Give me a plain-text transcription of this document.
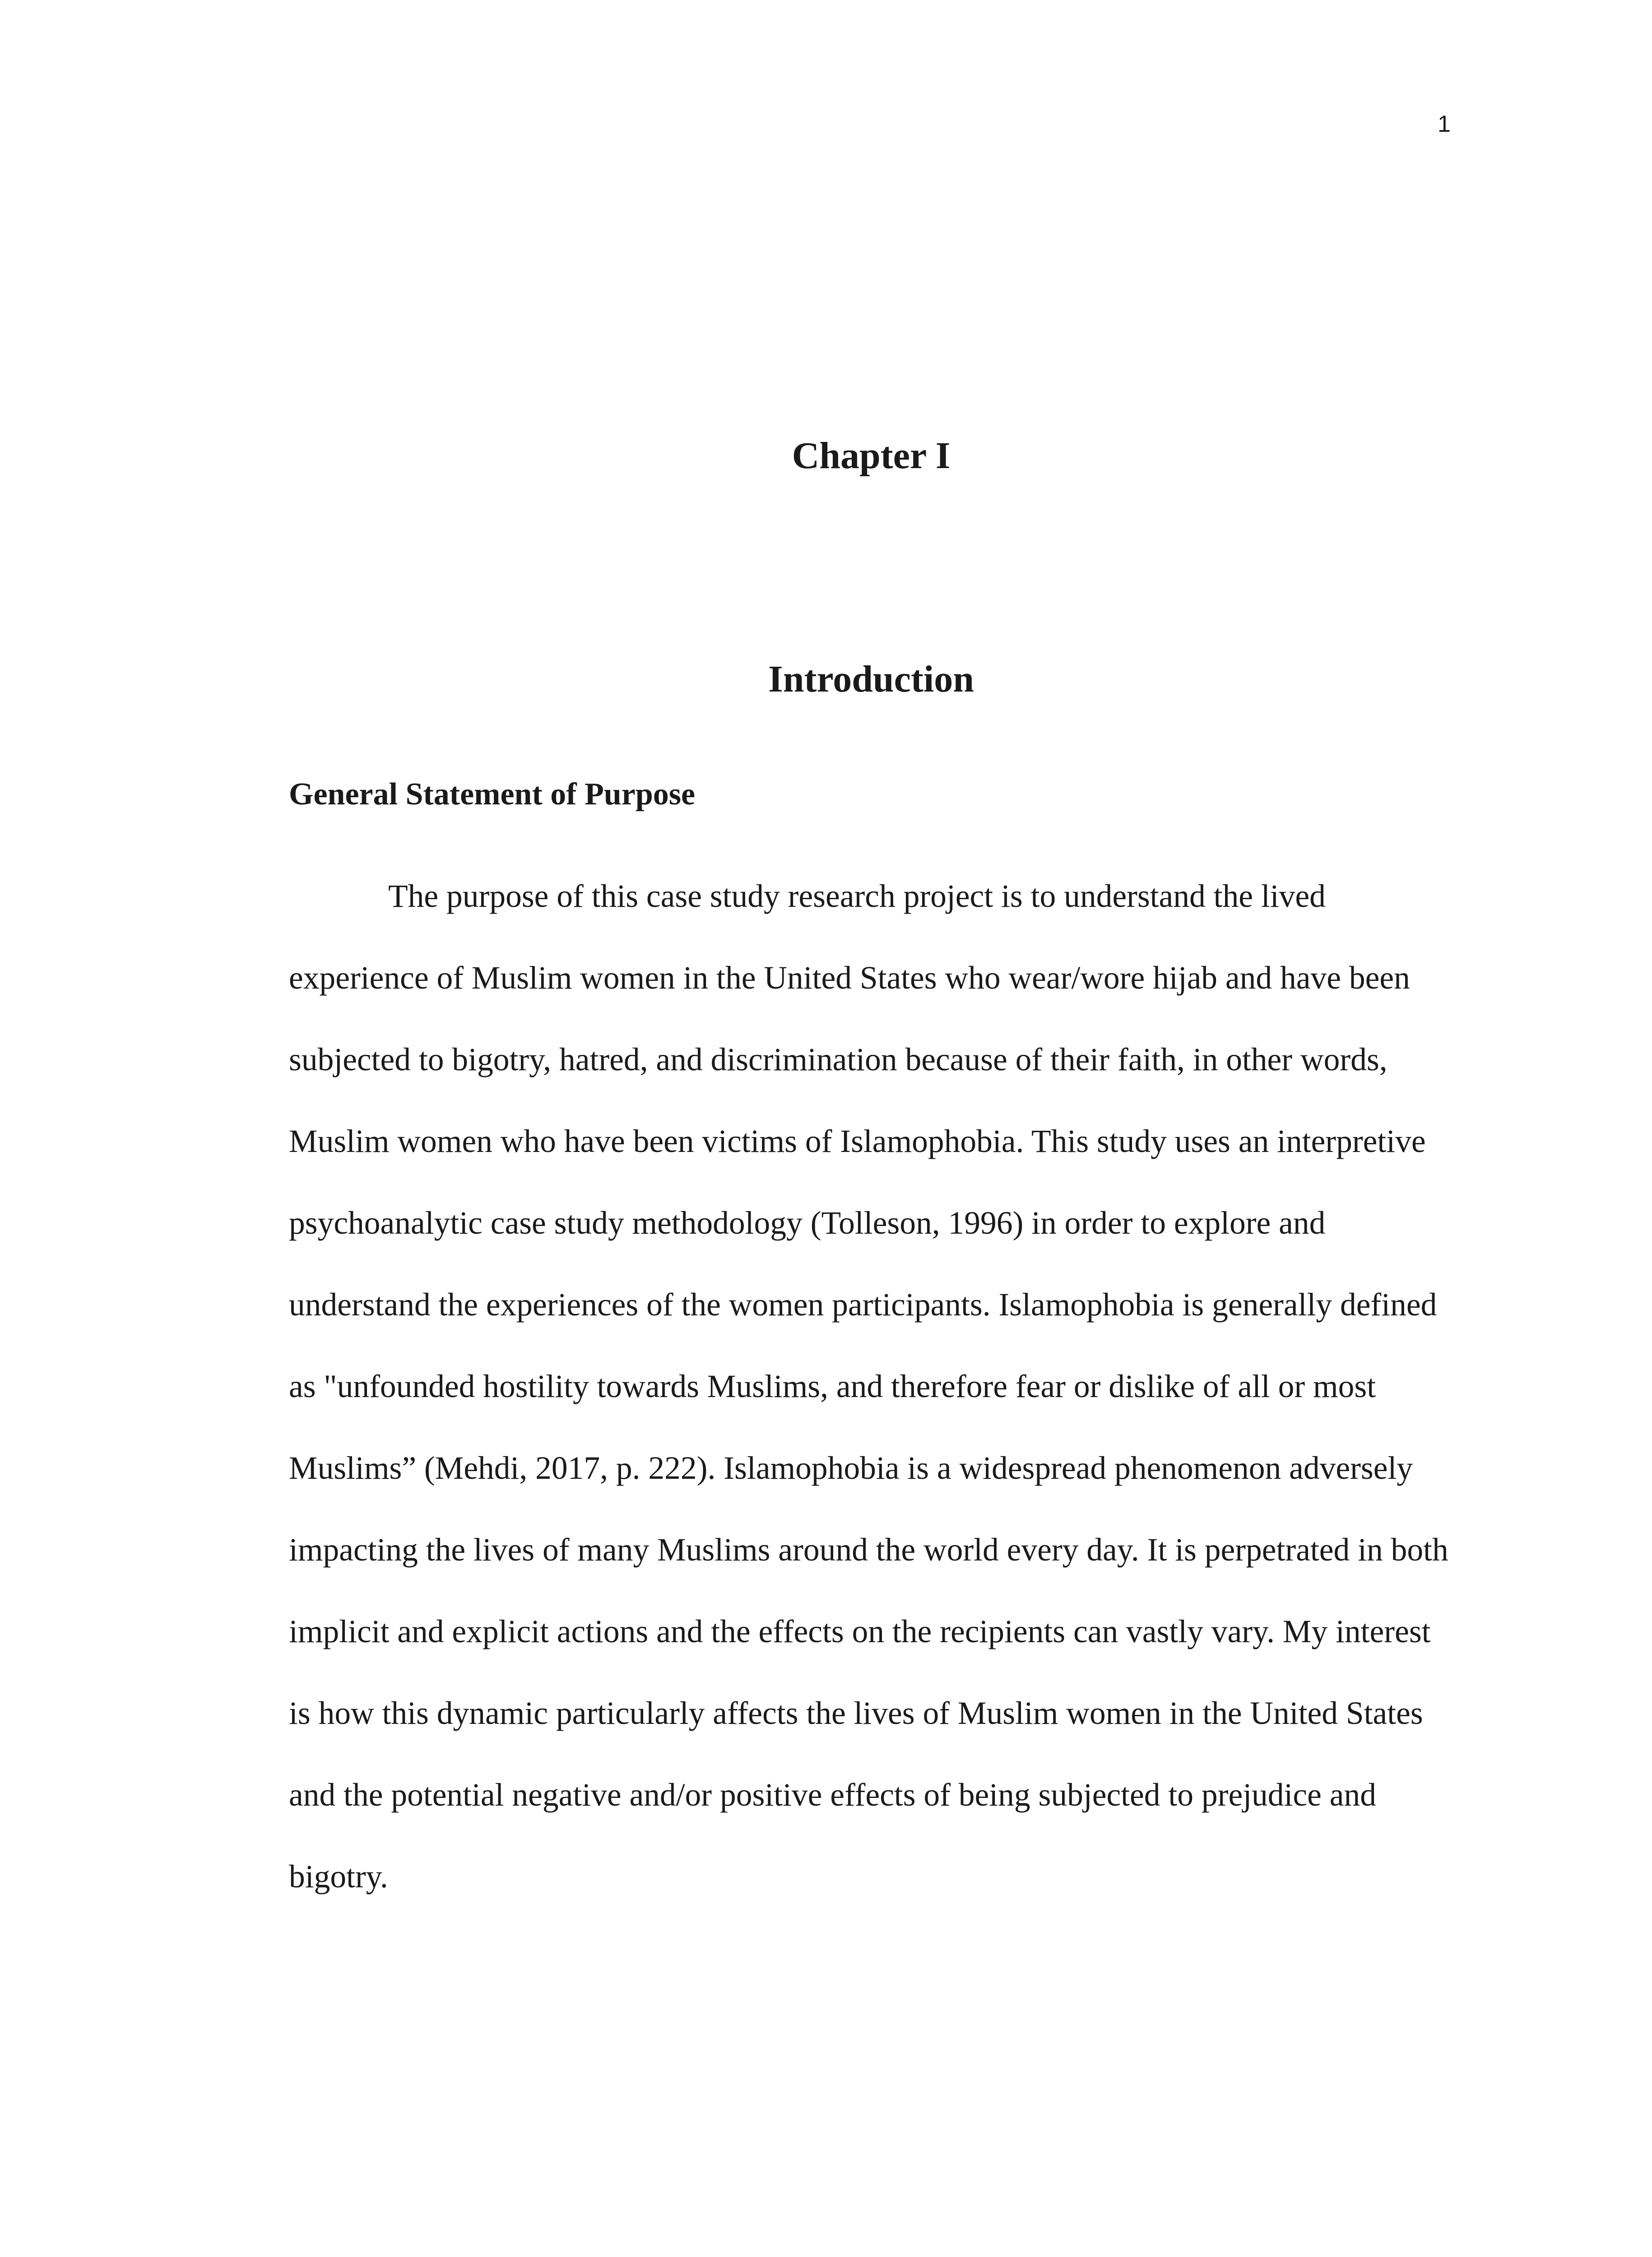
1
Chapter I
Introduction
General Statement of Purpose

The purpose of this case study research project is to understand the lived
experience of Muslim women in the United States who wear/wore hijab and have been
subjected to bigotry, hatred, and discrimination because of their faith, in other words,
Muslim women who have been victims of Islamophobia. This study uses an interpretive
psychoanalytic case study methodology (Tolleson, 1996) in order to explore and
understand the experiences of the women participants. Islamophobia is generally defined
as "unfounded hostility towards Muslims, and therefore fear or dislike of all or most
Muslims” (Mehdi, 2017, p. 222). Islamophobia is a widespread phenomenon adversely
impacting the lives of many Muslims around the world every day. It is perpetrated in both
implicit and explicit actions and the effects on the recipients can vastly vary. My interest
is how this dynamic particularly affects the lives of Muslim women in the United States
and the potential negative and/or positive effects of being subjected to prejudice and
bigotry.
